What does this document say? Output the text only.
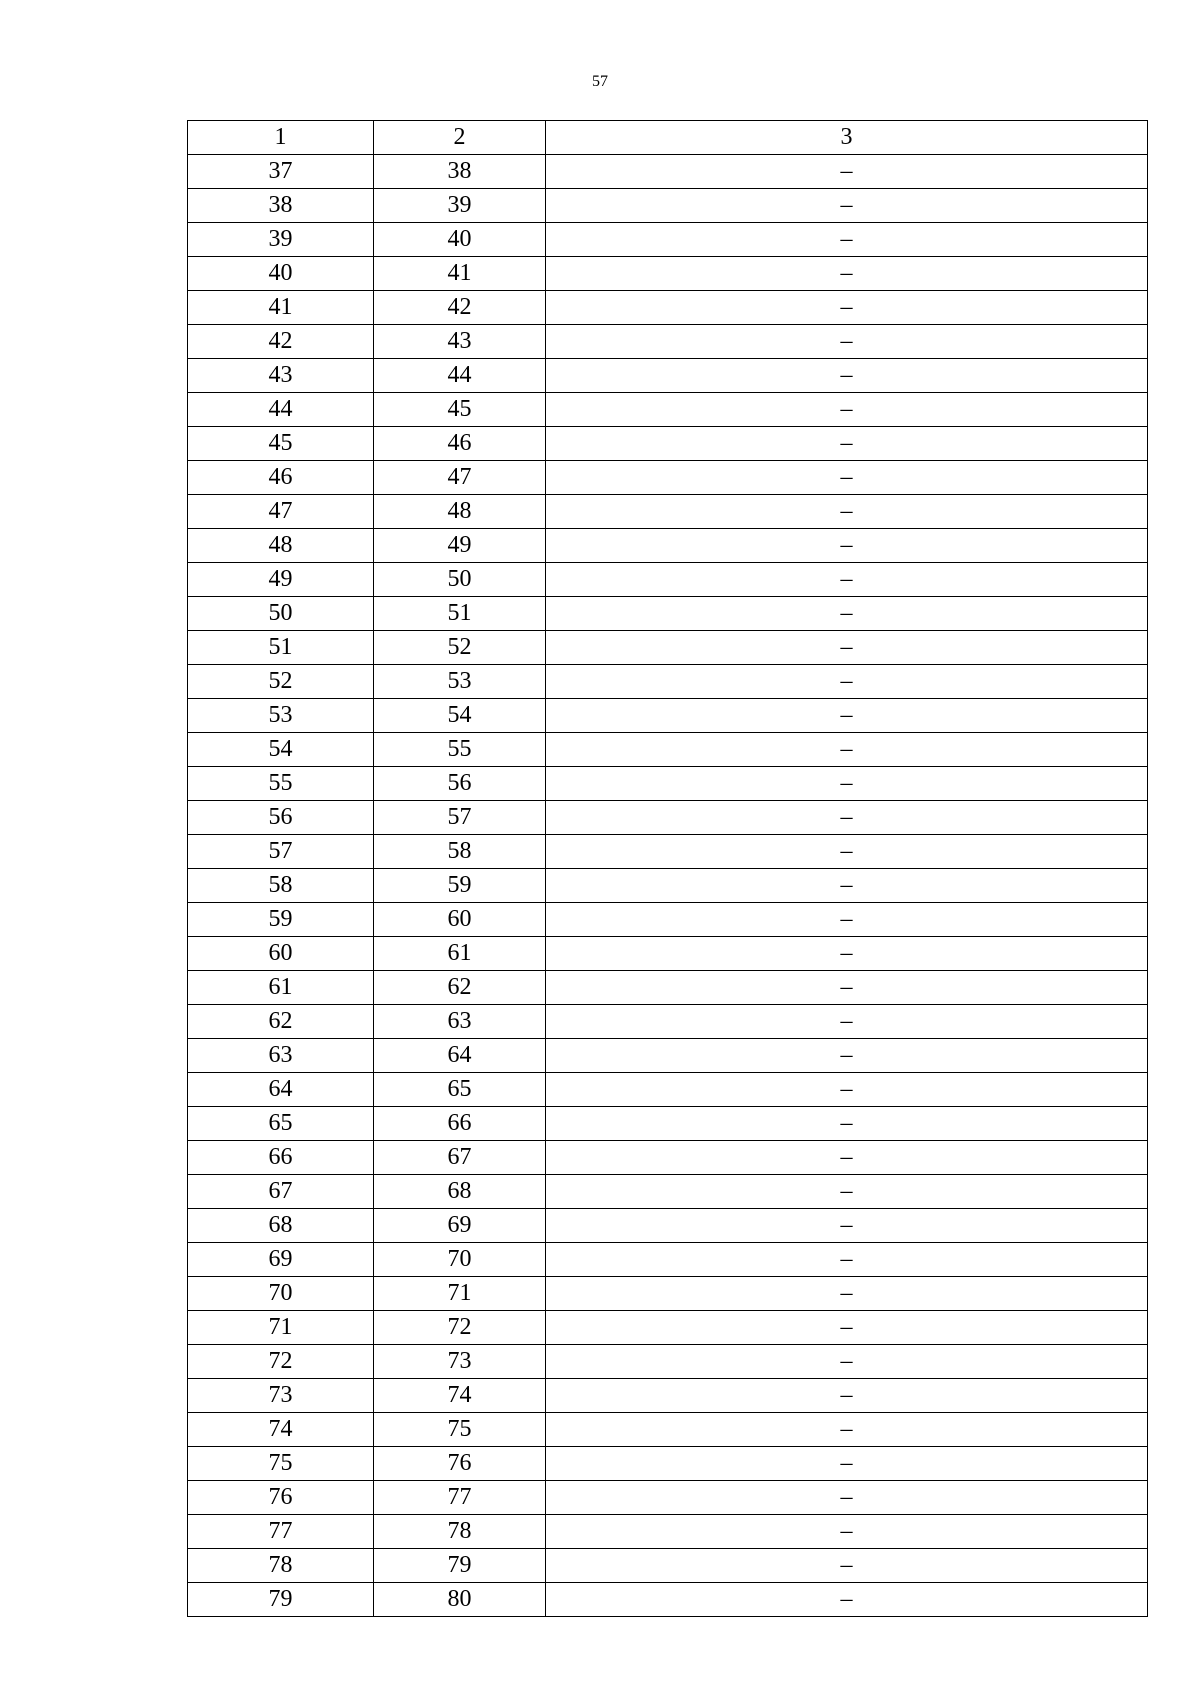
57
1	2	3
37	38	–
38	39	–
39	40	–
40	41	–
41	42	–
42	43	–
43	44	–
44	45	–
45	46	–
46	47	–
47	48	–
48	49	–
49	50	–
50	51	–
51	52	–
52	53	–
53	54	–
54	55	–
55	56	–
56	57	–
57	58	–
58	59	–
59	60	–
60	61	–
61	62	–
62	63	–
63	64	–
64	65	–
65	66	–
66	67	–
67	68	–
68	69	–
69	70	–
70	71	–
71	72	–
72	73	–
73	74	–
74	75	–
75	76	–
76	77	–
77	78	–
78	79	–
79	80	–
